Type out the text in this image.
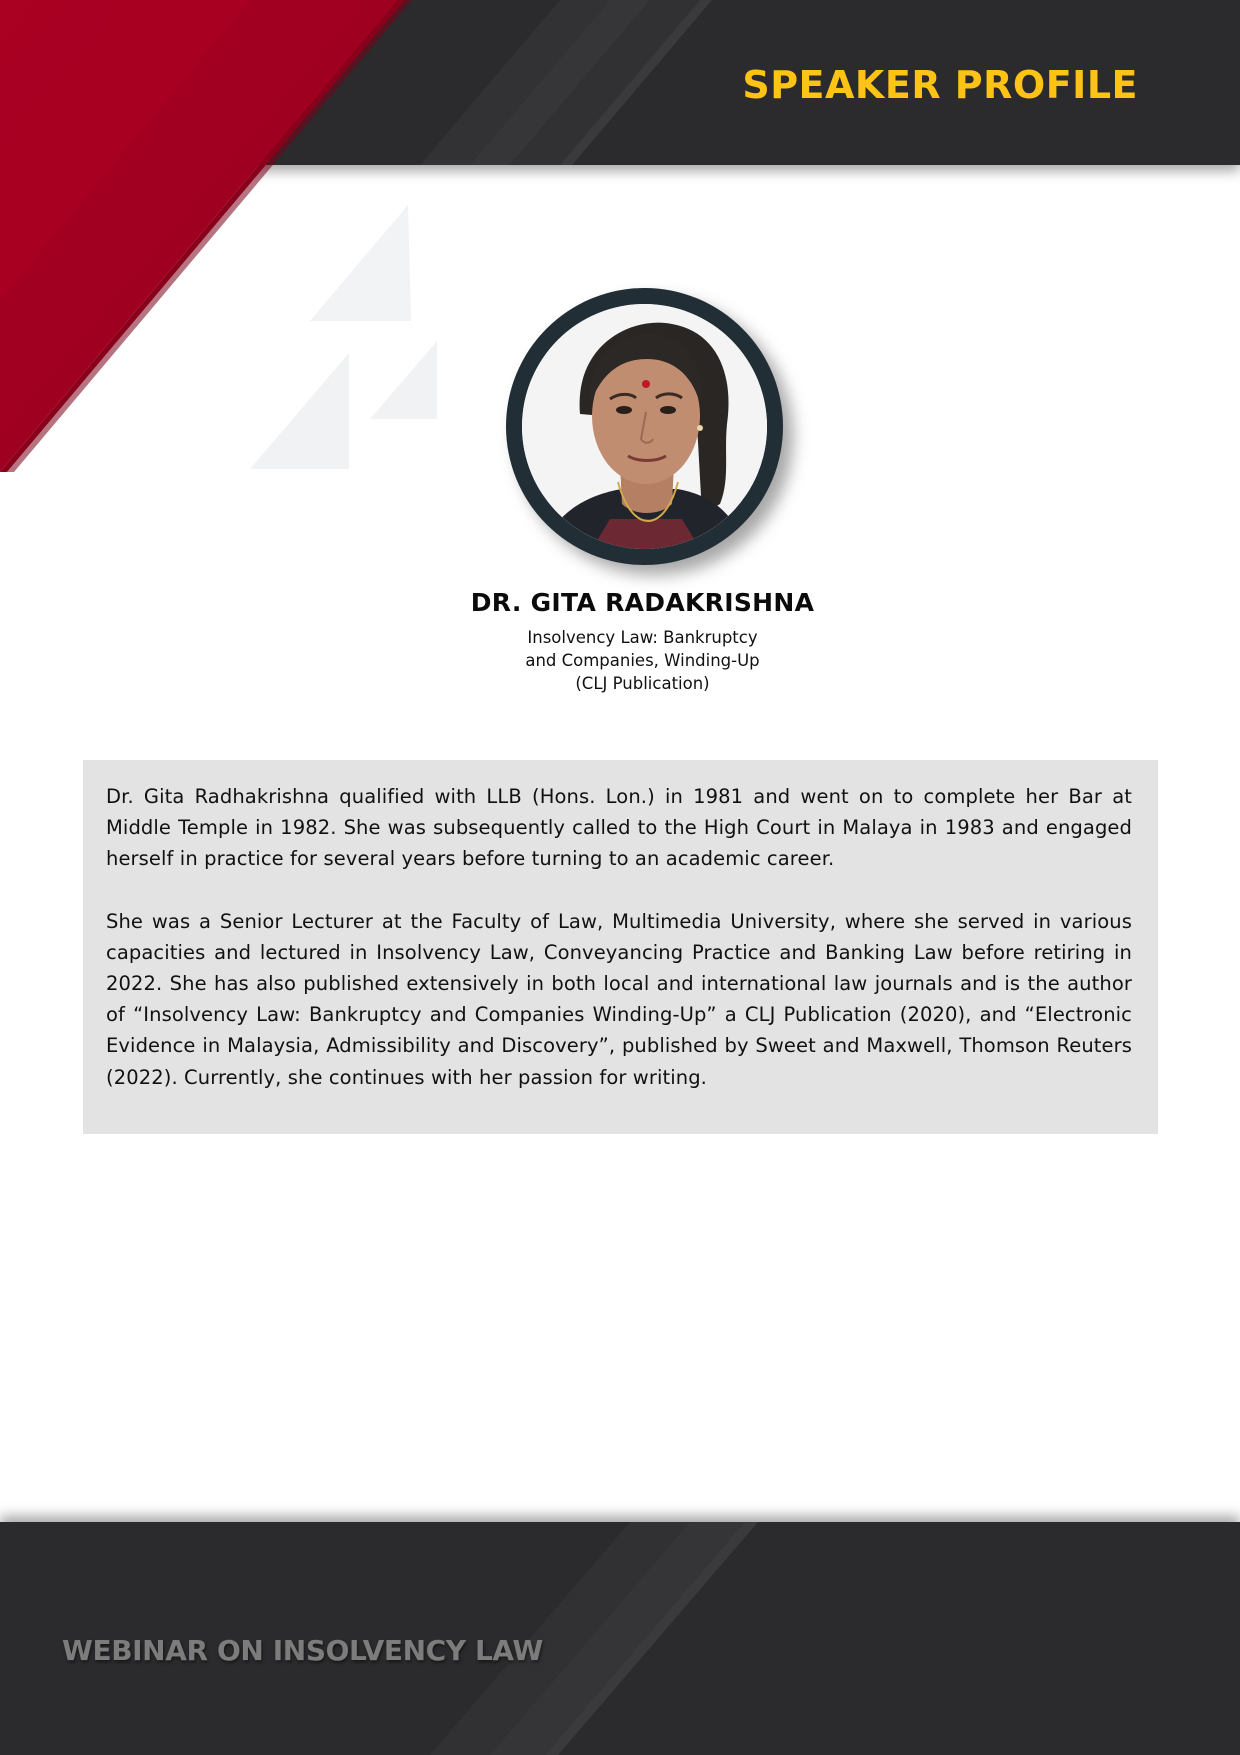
SPEAKER PROFILE
DR. GITA RADAKRISHNA
Insolvency Law: Bankruptcy
and Companies, Winding-Up
(CLJ Publication)

Dr. Gita Radhakrishna qualified with LLB (Hons. Lon.) in 1981 and went on to complete her Bar at Middle Temple in 1982. She was subsequently called to the High Court in Malaya in 1983 and engaged herself in practice for several years before turning to an academic career.

She was a Senior Lecturer at the Faculty of Law, Multimedia University, where she served in various capacities and lectured in Insolvency Law, Conveyancing Practice and Banking Law before retiring in 2022. She has also published extensively in both local and international law journals and is the author of “Insolvency Law: Bankruptcy and Companies Winding-Up” a CLJ Publication (2020), and “Electronic Evidence in Malaysia, Admissibility and Discovery”, published by Sweet and Maxwell, Thomson Reuters (2022). Currently, she continues with her passion for writing.

WEBINAR ON INSOLVENCY LAW
